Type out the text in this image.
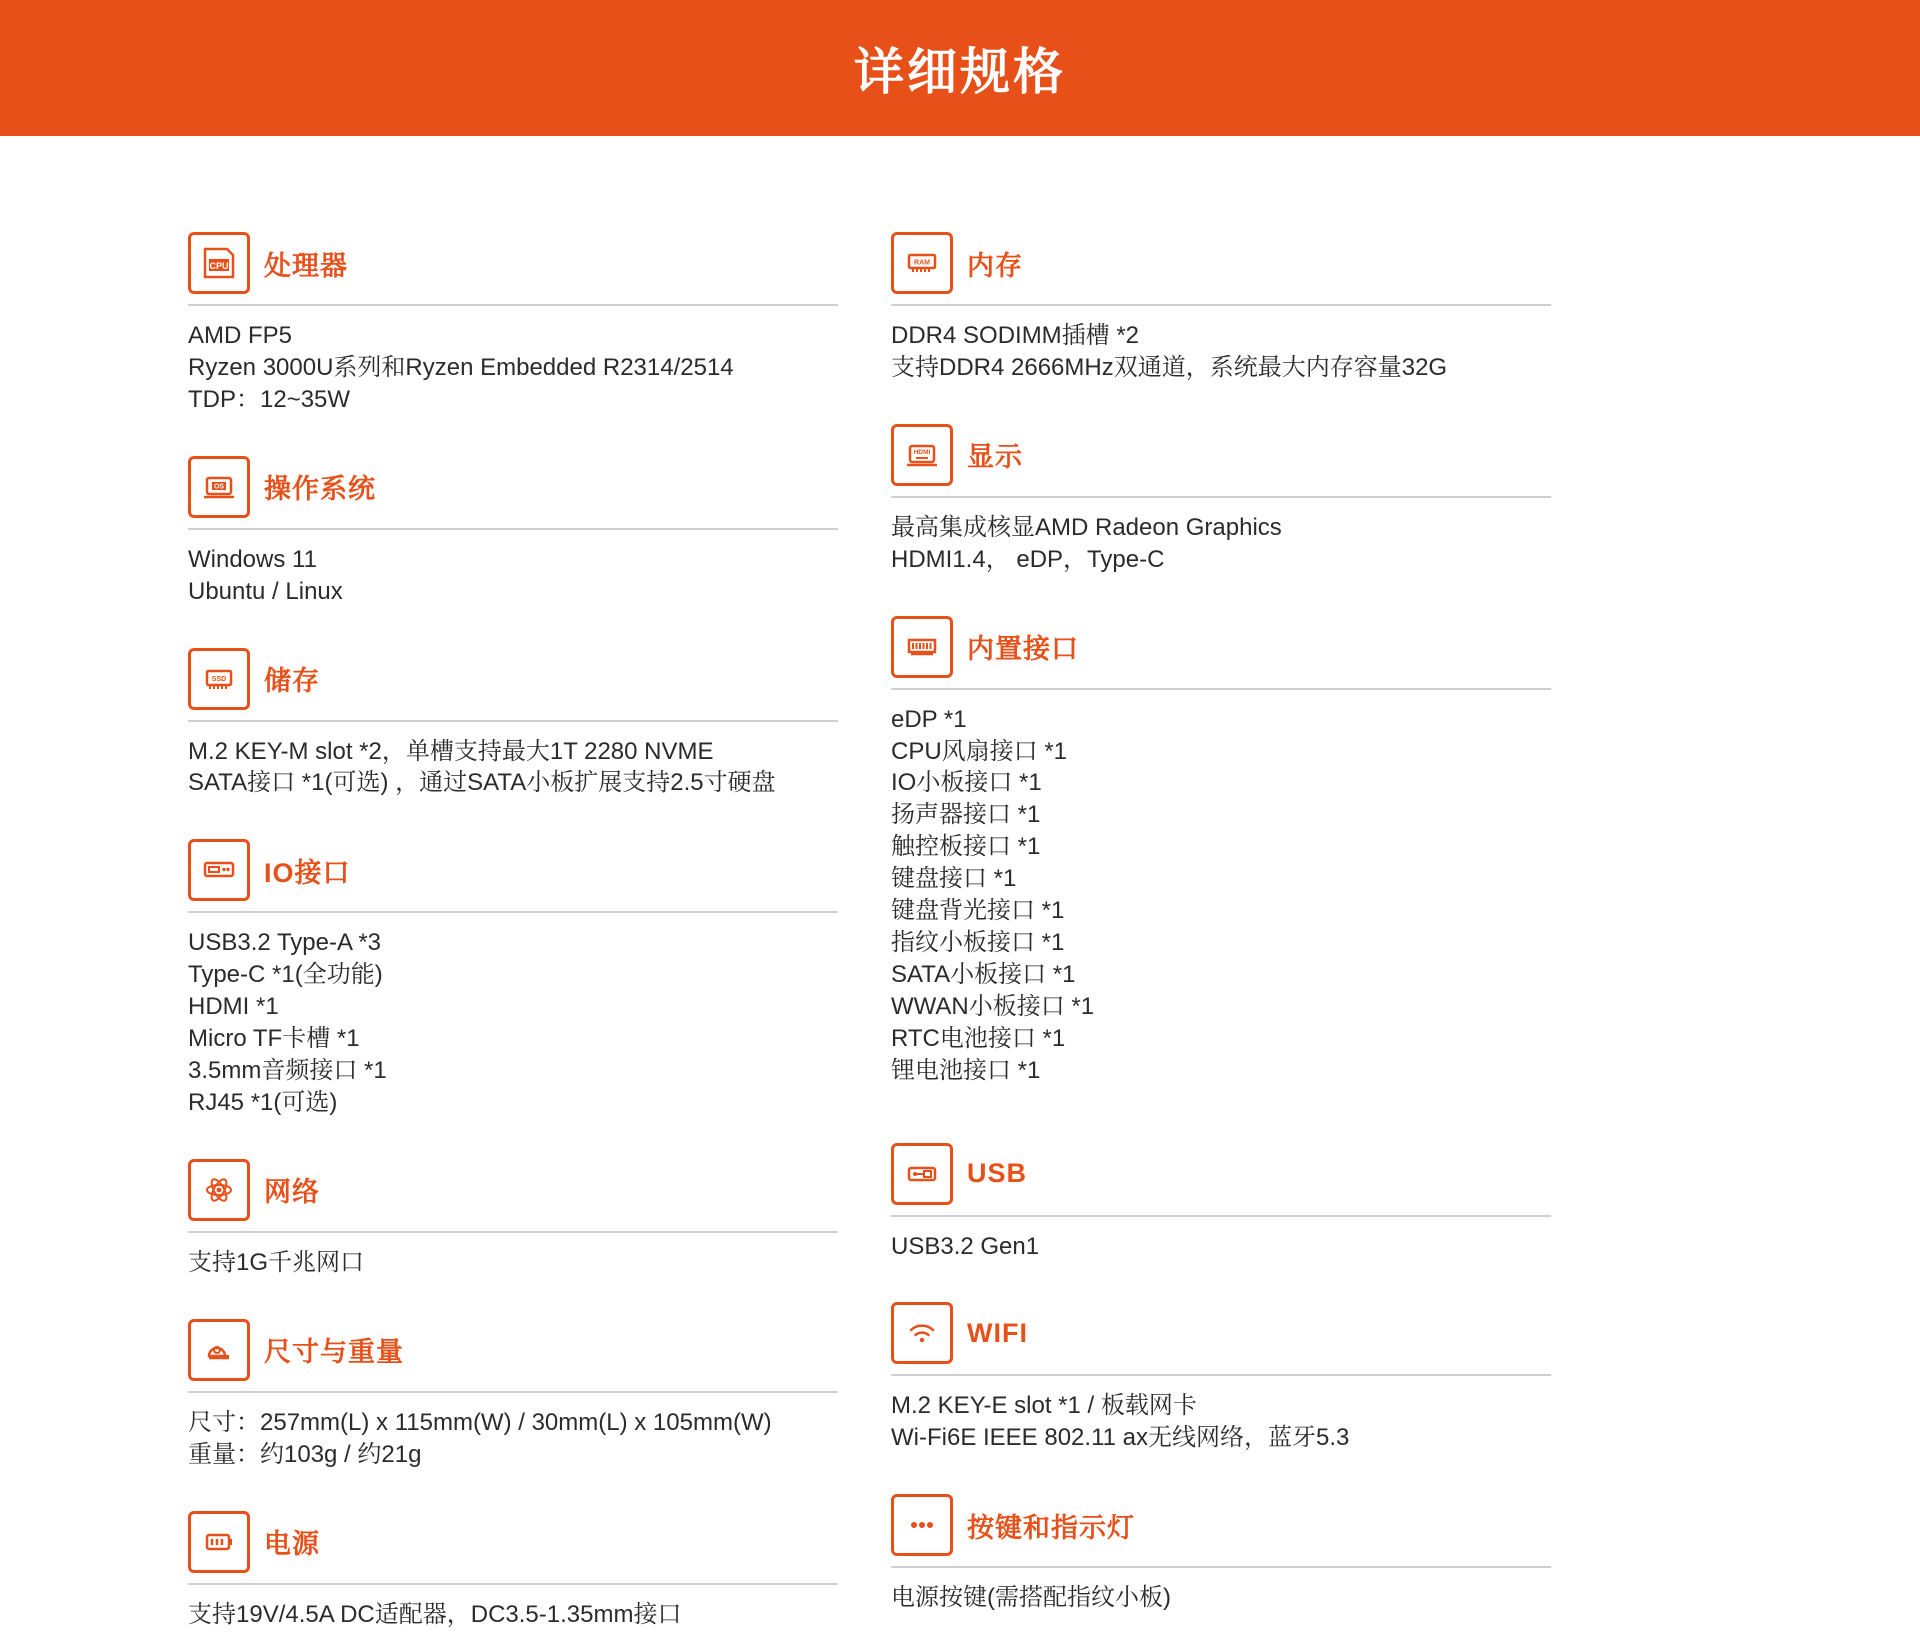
详细规格
CPU 处理器
AMD FP5
Ryzen 3000U系列和Ryzen Embedded R2314/2514
TDP：12~35W
OS 操作系统
Windows 11
Ubuntu / Linux
SSD 储存
M.2 KEY-M slot *2，单槽支持最大1T 2280 NVME
SATA接口 *1(可选) ，通过SATA小板扩展支持2.5寸硬盘
IO接口
USB3.2 Type-A *3
Type-C *1(全功能)
HDMI *1
Micro TF卡槽 *1
3.5mm音频接口 *1
RJ45 *1(可选)
网络
支持1G千兆网口
尺寸与重量
尺寸：257mm(L) x 115mm(W) / 30mm(L) x 105mm(W)
重量：约103g / 约21g
电源
支持19V/4.5A DC适配器，DC3.5-1.35mm接口
RAM 内存
DDR4 SODIMM插槽 *2
支持DDR4 2666MHz双通道，系统最大内存容量32G
HDMI 显示
最高集成核显AMD Radeon Graphics
HDMI1.4， eDP，Type-C
内置接口
eDP *1
CPU风扇接口 *1
IO小板接口 *1
扬声器接口 *1
触控板接口 *1
键盘接口 *1
键盘背光接口 *1
指纹小板接口 *1
SATA小板接口 *1
WWAN小板接口 *1
RTC电池接口 *1
锂电池接口 *1
USB
USB3.2 Gen1
WIFI
M.2 KEY-E slot *1 / 板载网卡
Wi-Fi6E IEEE 802.11 ax无线网络，蓝牙5.3
按键和指示灯
电源按键(需搭配指纹小板)
